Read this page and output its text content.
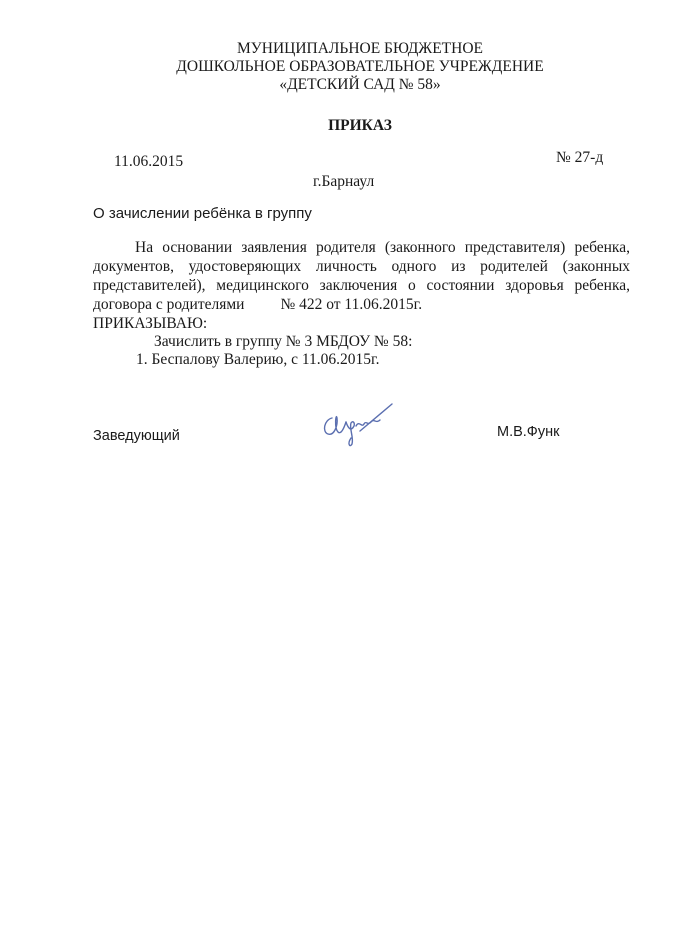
МУНИЦИПАЛЬНОЕ БЮДЖЕТНОЕ
ДОШКОЛЬНОЕ ОБРАЗОВАТЕЛЬНОЕ УЧРЕЖДЕНИЕ
«ДЕТСКИЙ САД № 58»
ПРИКАЗ
11.06.2015	№ 27-д
г.Барнаул
О зачислении ребёнка в группу
На основании заявления родителя (законного представителя) ребенка,
документов, удостоверяющих личность одного из родителей (законных
представителей), медицинского заключения о состоянии здоровья ребенка,
договора с родителями № 422 от 11.06.2015г.
ПРИКАЗЫВАЮ:
Зачислить в группу № 3 МБДОУ № 58:
1. Беспалову Валерию, с 11.06.2015г.
Заведующий	М.В.Функ
